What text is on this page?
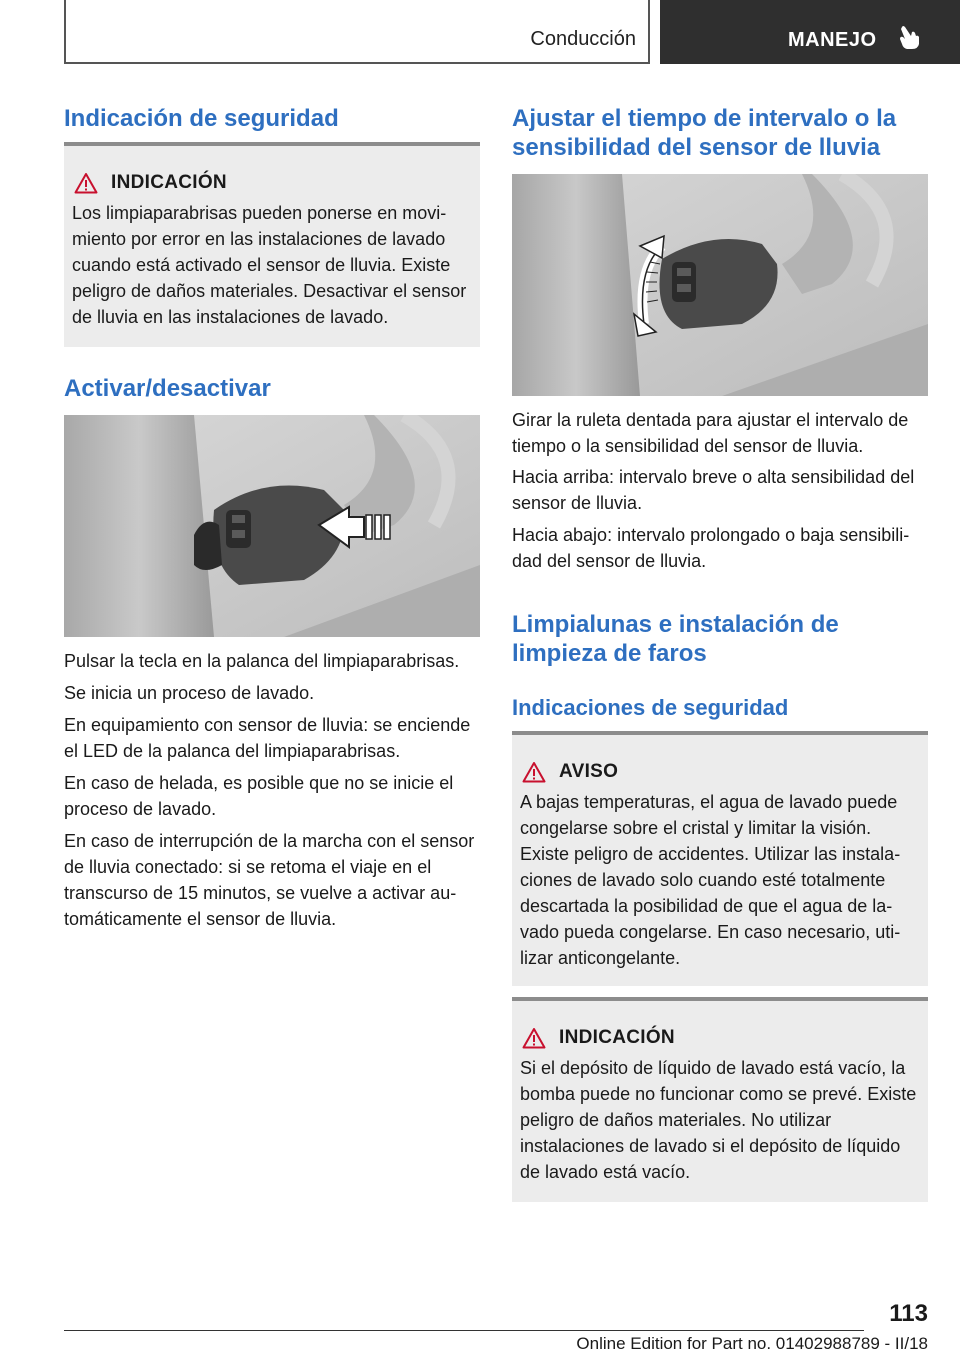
Conducción	MANEJO
Indicación de seguridad
INDICACIÓN

Los limpiaparabrisas pueden ponerse en movimiento por error en las instalaciones de lavado cuando está activado el sensor de lluvia. Existe peligro de daños materiales. Desactivar el sensor de lluvia en las instalaciones de lavado.

Activar/desactivar

Pulsar la tecla en la palanca del limpiaparabrisas.

Se inicia un proceso de lavado.

En equipamiento con sensor de lluvia: se enciende el LED de la palanca del limpiaparabrisas.

En caso de helada, es posible que no se inicie el proceso de lavado.

En caso de interrupción de la marcha con el sensor de lluvia conectado: si se retoma el viaje en el transcurso de 15 minutos, se vuelve a activar automáticamente el sensor de lluvia.

Ajustar el tiempo de intervalo o la sensibilidad del sensor de lluvia

Girar la ruleta dentada para ajustar el intervalo de tiempo o la sensibilidad del sensor de lluvia.

Hacia arriba: intervalo breve o alta sensibilidad del sensor de lluvia.

Hacia abajo: intervalo prolongado o baja sensibilidad del sensor de lluvia.

Limpialunas e instalación de limpieza de faros
Indicaciones de seguridad
AVISO

A bajas temperaturas, el agua de lavado puede congelarse sobre el cristal y limitar la visión. Existe peligro de accidentes. Utilizar las instalaciones de lavado solo cuando esté totalmente descartada la posibilidad de que el agua de lavado pueda congelarse. En caso necesario, utilizar anticongelante.

INDICACIÓN

Si el depósito de líquido de lavado está vacío, la bomba puede no funcionar como se prevé. Existe peligro de daños materiales. No utilizar instalaciones de lavado si el depósito de líquido de lavado está vacío.

113
Online Edition for Part no. 01402988789 - II/18
